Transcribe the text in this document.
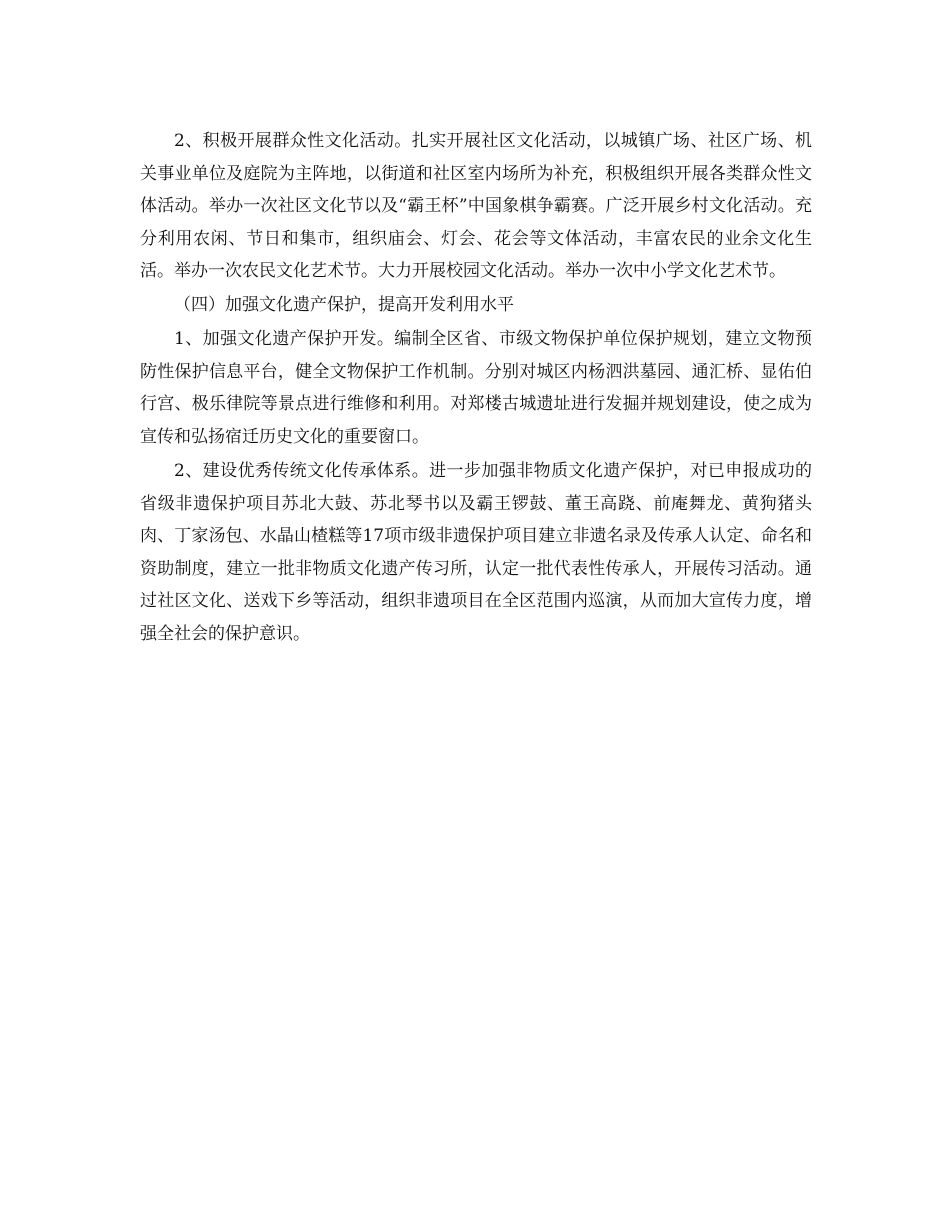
2、积极开展群众性文化活动。扎实开展社区文化活动，以城镇广场、社区广场、机关事业单位及庭院为主阵地，以街道和社区室内场所为补充，积极组织开展各类群众性文体活动。举办一次社区文化节以及“霸王杯”中国象棋争霸赛。广泛开展乡村文化活动。充分利用农闲、节日和集市，组织庙会、灯会、花会等文体活动，丰富农民的业余文化生活。举办一次农民文化艺术节。大力开展校园文化活动。举办一次中小学文化艺术节。

（四）加强文化遗产保护，提高开发利用水平

1、加强文化遗产保护开发。编制全区省、市级文物保护单位保护规划，建立文物预防性保护信息平台，健全文物保护工作机制。分别对城区内杨泗洪墓园、通汇桥、显佑伯行宫、极乐律院等景点进行维修和利用。对郑楼古城遗址进行发掘并规划建设，使之成为宣传和弘扬宿迁历史文化的重要窗口。

2、建设优秀传统文化传承体系。进一步加强非物质文化遗产保护，对已申报成功的省级非遗保护项目苏北大鼓、苏北琴书以及霸王锣鼓、董王高跷、前庵舞龙、黄狗猪头肉、丁家汤包、水晶山楂糕等17项市级非遗保护项目建立非遗名录及传承人认定、命名和资助制度，建立一批非物质文化遗产传习所，认定一批代表性传承人，开展传习活动。通过社区文化、送戏下乡等活动，组织非遗项目在全区范围内巡演，从而加大宣传力度，增强全社会的保护意识。
